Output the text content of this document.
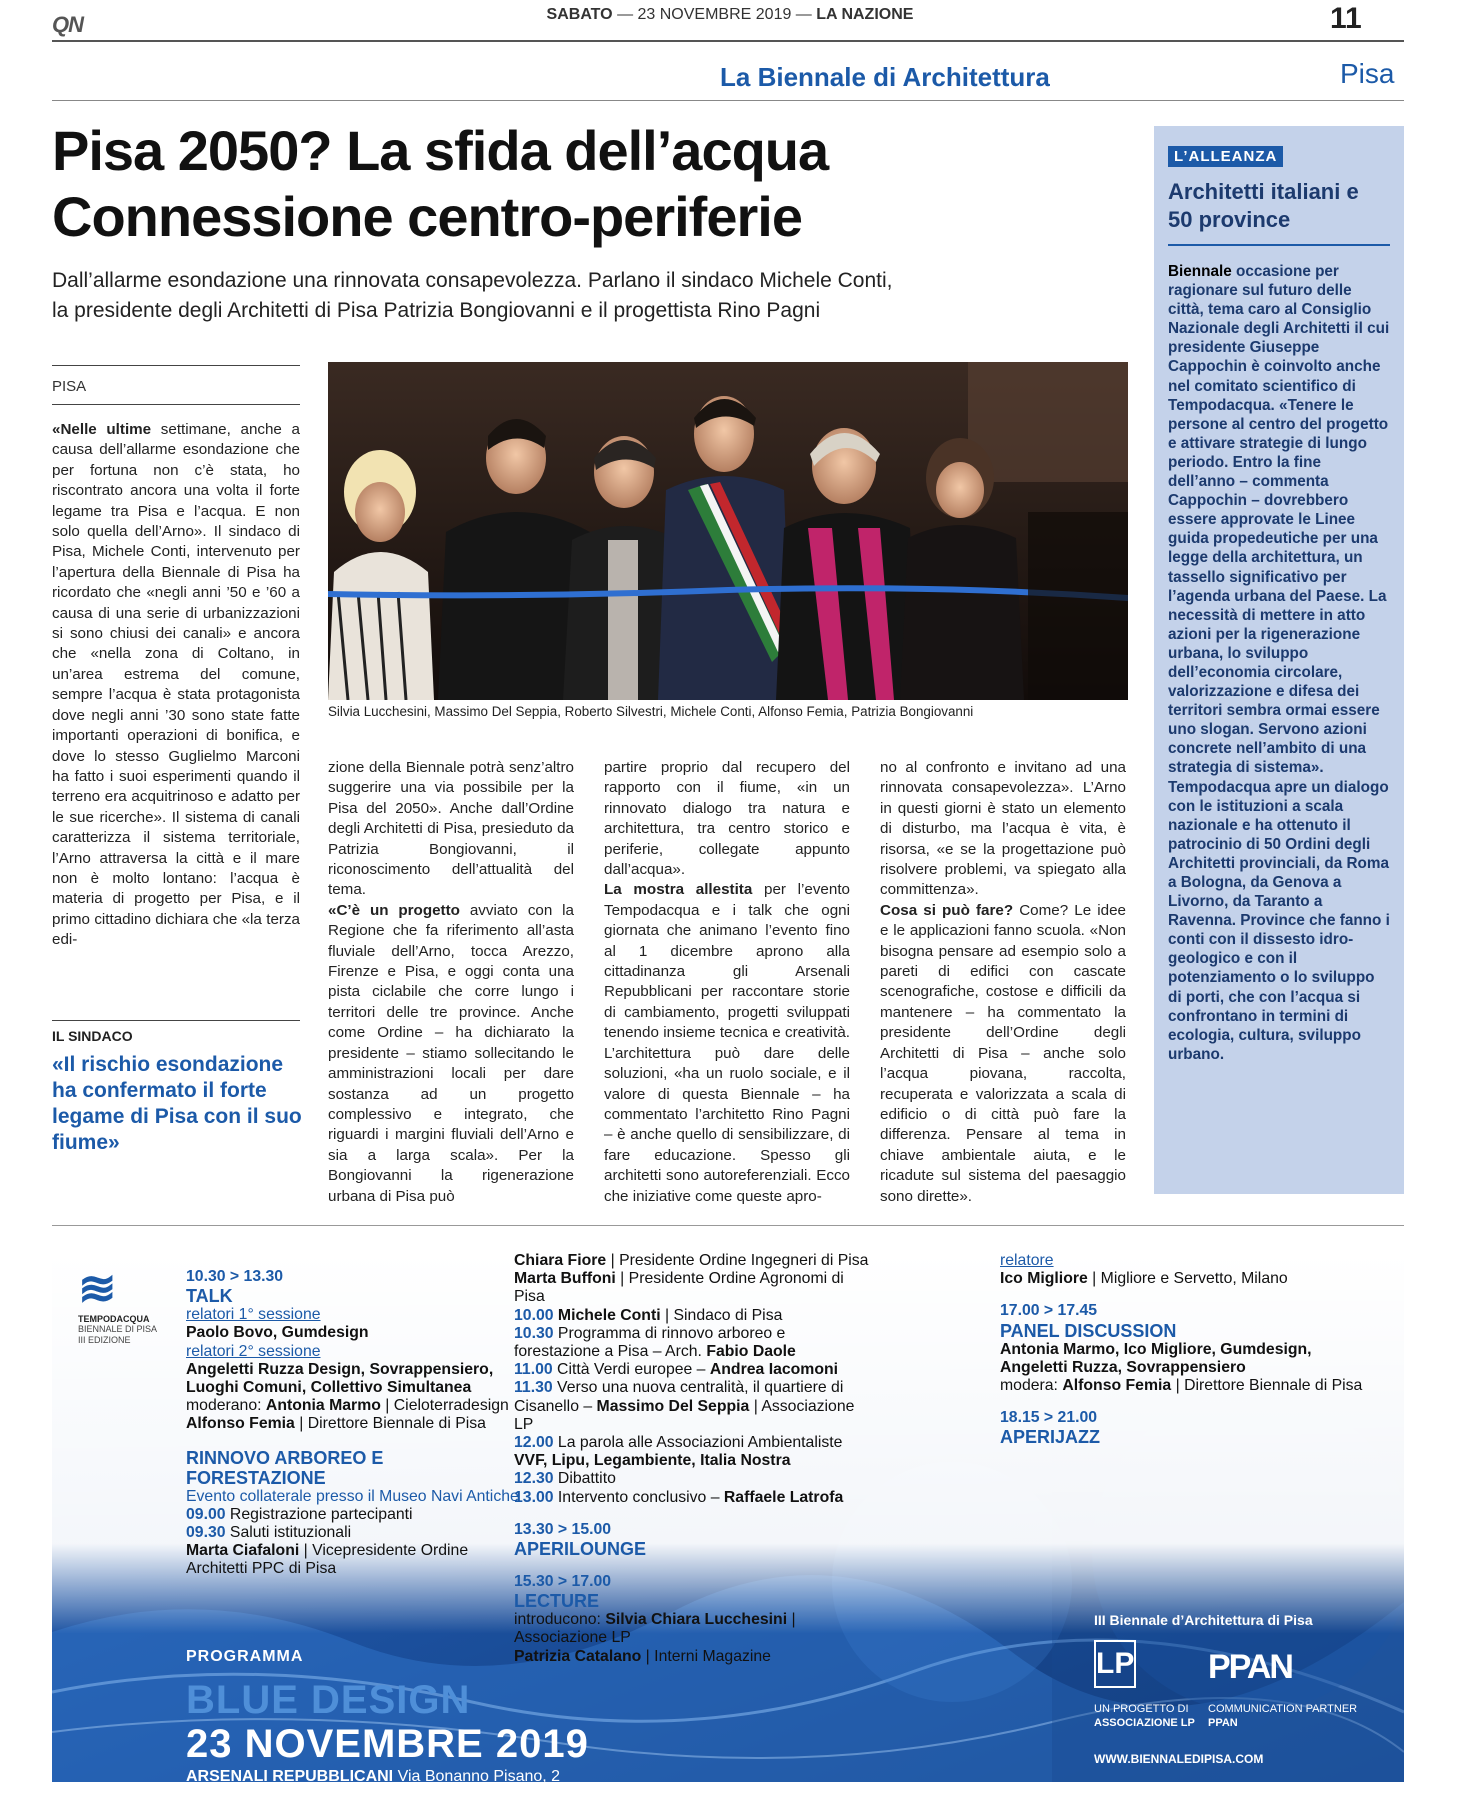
QN	SABATO — 23 NOVEMBRE 2019 — LA NAZIONE	11
La Biennale di Architettura	Pisa
Pisa 2050? La sfida dell’acqua
Connessione centro-periferie
Dall’allarme esondazione una rinnovata consapevolezza. Parlano il sindaco Michele Conti,
la presidente degli Architetti di Pisa Patrizia Bongiovanni e il progettista Rino Pagni
PISA
«Nelle ultime settimane, anche a causa dell’allarme esondazione che per fortuna non c’è stata, ho riscontrato ancora una volta il forte legame tra Pisa e l’acqua. E non solo quella dell’Arno». Il sindaco di Pisa, Michele Conti, intervenuto per l’apertura della Biennale di Pisa ha ricordato che «negli anni ’50 e ’60 a causa di una serie di urbanizzazioni si sono chiusi dei canali» e ancora che «nella zona di Coltano, in un’area estrema del comune, sempre l’acqua è stata protagonista dove negli anni ’30 sono state fatte importanti operazioni di bonifica, e dove lo stesso Guglielmo Marconi ha fatto i suoi esperimenti quando il terreno era acquitrinoso e adatto per le sue ricerche». Il sistema di canali caratterizza il sistema territoriale, l’Arno attraversa la città e il mare non è molto lontano: l’acqua è materia di progetto per Pisa, e il primo cittadino dichiara che «la terza edi-
IL SINDACO
«Il rischio esondazione ha confermato il forte legame di Pisa con il suo fiume»
Silvia Lucchesini, Massimo Del Seppia, Roberto Silvestri, Michele Conti, Alfonso Femia, Patrizia Bongiovanni
zione della Biennale potrà senz’altro suggerire una via possibile per la Pisa del 2050». Anche dall’Ordine degli Architetti di Pisa, presieduto da Patrizia Bongiovanni, il riconoscimento dell’attualità del tema.
«C’è un progetto avviato con la Regione che fa riferimento all’asta fluviale dell’Arno, tocca Arezzo, Firenze e Pisa, e oggi conta una pista ciclabile che corre lungo i territori delle tre province. Anche come Ordine – ha dichiarato la presidente – stiamo sollecitando le amministrazioni locali per dare sostanza ad un progetto complessivo e integrato, che riguardi i margini fluviali dell’Arno e sia a larga scala». Per la Bongiovanni la rigenerazione urbana di Pisa può
partire proprio dal recupero del rapporto con il fiume, «in un rinnovato dialogo tra natura e architettura, tra centro storico e periferie, collegate appunto dall’acqua».
La mostra allestita per l’evento Tempodacqua e i talk che ogni giornata che animano l’evento fino al 1 dicembre aprono alla cittadinanza gli Arsenali Repubblicani per raccontare storie di cambiamento, progetti sviluppati tenendo insieme tecnica e creatività. L’architettura può dare delle soluzioni, «ha un ruolo sociale, e il valore di questa Biennale – ha commentato l’architetto Rino Pagni – è anche quello di sensibilizzare, di fare educazione. Spesso gli architetti sono autoreferenziali. Ecco che iniziative come queste apro-
no al confronto e invitano ad una rinnovata consapevolezza». L’Arno in questi giorni è stato un elemento di disturbo, ma l’acqua è vita, è risorsa, «e se la progettazione può risolvere problemi, va spiegato alla committenza».
Cosa si può fare? Come? Le idee e le applicazioni fanno scuola. «Non bisogna pensare ad esempio solo a pareti di edifici con cascate scenografiche, costose e difficili da mantenere – ha commentato la presidente dell’Ordine degli Architetti di Pisa – anche solo l’acqua piovana, raccolta, recuperata e valorizzata a scala di edificio o di città può fare la differenza. Pensare al tema in chiave ambientale aiuta, e le ricadute sul sistema del paesaggio sono dirette».
L’ALLEANZA
Architetti italiani e 50 province
Biennale occasione per ragionare sul futuro delle città, tema caro al Consiglio Nazionale degli Architetti il cui presidente Giuseppe Cappochin è coinvolto anche nel comitato scientifico di Tempodacqua. «Tenere le persone al centro del progetto e attivare strategie di lungo periodo. Entro la fine dell’anno – commenta Cappochin – dovrebbero essere approvate le Linee guida propedeutiche per una legge della architettura, un tassello significativo per l’agenda urbana del Paese. La necessità di mettere in atto azioni per la rigenerazione urbana, lo sviluppo dell’economia circolare, valorizzazione e difesa dei territori sembra ormai essere uno slogan. Servono azioni concrete nell’ambito di una strategia di sistema». Tempodacqua apre un dialogo con le istituzioni a scala nazionale e ha ottenuto il patrocinio di 50 Ordini degli Architetti provinciali, da Roma a Bologna, da Genova a Livorno, da Taranto a Ravenna. Province che fanno i conti con il dissesto idro-geologico e con il potenziamento o lo sviluppo di porti, che con l’acqua si confrontano in termini di ecologia, cultura, sviluppo urbano.
≋
TEMPODACQUA
BIENNALE DI PISA III EDIZIONE
10.30 > 13.30
TALK
relatori 1° sessione
Paolo Bovo, Gumdesign
relatori 2° sessione
Angeletti Ruzza Design, Sovrappensiero, Luoghi Comuni, Collettivo Simultanea
moderano: Antonia Marmo | Cieloterradesign
Alfonso Femia | Direttore Biennale di Pisa
RINNOVO ARBOREO E FORESTAZIONE
Evento collaterale presso il Museo Navi Antiche
09.00 Registrazione partecipanti
09.30 Saluti istituzionali
Marta Ciafaloni | Vicepresidente Ordine Architetti PPC di Pisa
Chiara Fiore | Presidente Ordine Ingegneri di Pisa
Marta Buffoni | Presidente Ordine Agronomi di Pisa
10.00 Michele Conti | Sindaco di Pisa
10.30 Programma di rinnovo arboreo e forestazione a Pisa – Arch. Fabio Daole
11.00 Città Verdi europee – Andrea Iacomoni
11.30 Verso una nuova centralità, il quartiere di Cisanello – Massimo Del Seppia | Associazione LP
12.00 La parola alle Associazioni Ambientaliste
VVF, Lipu, Legambiente, Italia Nostra
12.30 Dibattito
13.00 Intervento conclusivo – Raffaele Latrofa
13.30 > 15.00
APERILOUNGE
15.30 > 17.00
LECTURE
introducono: Silvia Chiara Lucchesini | Associazione LP
Patrizia Catalano | Interni Magazine
relatore
Ico Migliore | Migliore e Servetto, Milano
17.00 > 17.45
PANEL DISCUSSION
Antonia Marmo, Ico Migliore, Gumdesign, Angeletti Ruzza, Sovrappensiero
modera: Alfonso Femia | Direttore Biennale di Pisa
18.15 > 21.00
APERIJAZZ
PROGRAMMA
BLUE DESIGN
23 NOVEMBRE 2019
ARSENALI REPUBBLICANI Via Bonanno Pisano, 2
III Biennale d’Architettura di Pisa
LP PPAN
UN PROGETTO DI
ASSOCIAZIONE LP
COMMUNICATION PARTNER
PPAN
WWW.BIENNALEDIPISA.COM
